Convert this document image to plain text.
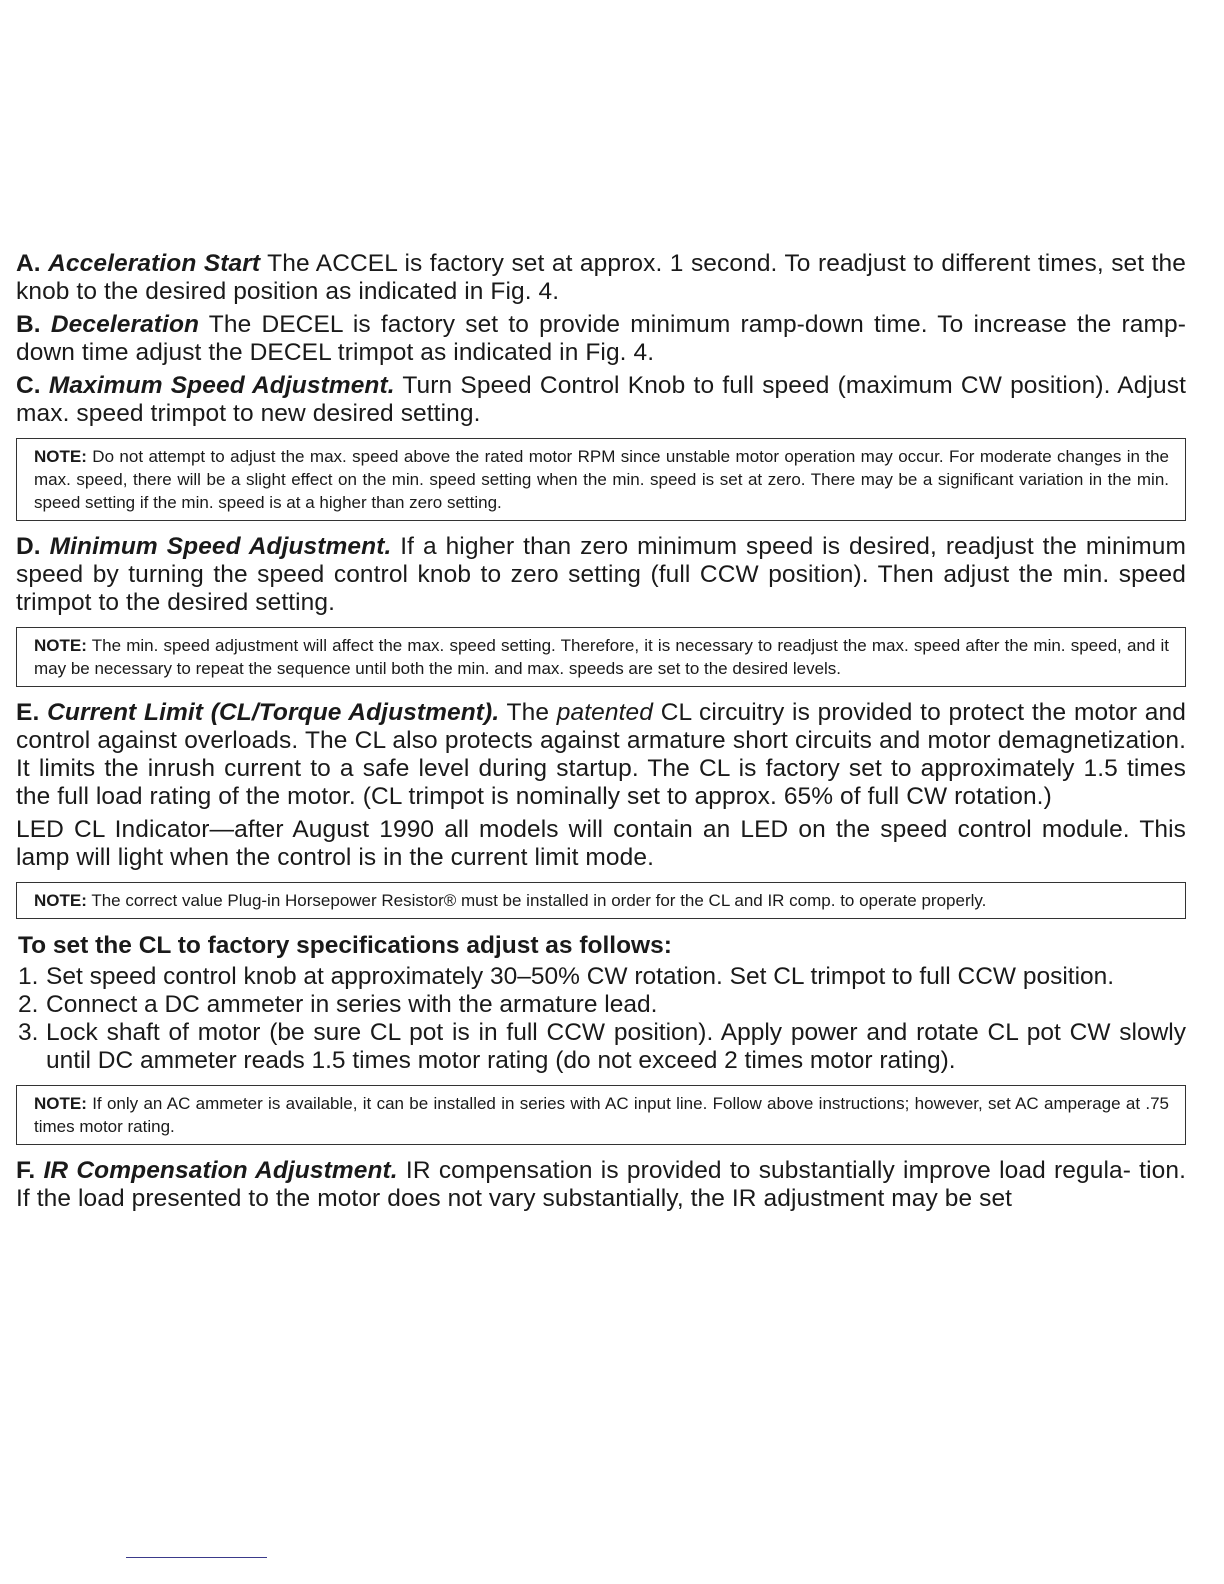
A. Acceleration Start The ACCEL is factory set at approx. 1 second. To readjust to different times, set the knob to the desired position as indicated in Fig. 4.

B. Deceleration The DECEL is factory set to provide minimum ramp-down time. To increase the ramp-down time adjust the DECEL trimpot as indicated in Fig. 4.

C. Maximum Speed Adjustment. Turn Speed Control Knob to full speed (maximum CW position). Adjust max. speed trimpot to new desired setting.

NOTE: Do not attempt to adjust the max. speed above the rated motor RPM since unstable motor operation may occur. For moderate changes in the max. speed, there will be a slight effect on the min. speed setting when the min. speed is set at zero. There may be a significant variation in the min. speed setting if the min. speed is at a higher than zero setting.

D. Minimum Speed Adjustment. If a higher than zero minimum speed is desired, readjust the minimum speed by turning the speed control knob to zero setting (full CCW position). Then adjust the min. speed trimpot to the desired setting.

NOTE: The min. speed adjustment will affect the max. speed setting. Therefore, it is necessary to readjust the max. speed after the min. speed, and it may be necessary to repeat the sequence until both the min. and max. speeds are set to the desired levels.

E. Current Limit (CL/Torque Adjustment). The patented CL circuitry is provided to protect the motor and control against overloads. The CL also protects against armature short circuits and motor demagnetization. It limits the inrush current to a safe level during startup. The CL is factory set to approximately 1.5 times the full load rating of the motor. (CL trimpot is nominally set to approx. 65% of full CW rotation.)

LED CL Indicator—after August 1990 all models will contain an LED on the speed control module. This lamp will light when the control is in the current limit mode.

NOTE: The correct value Plug-in Horsepower Resistor® must be installed in order for the CL and IR comp. to operate properly.
To set the CL to factory specifications adjust as follows:
1. Set speed control knob at approximately 30–50% CW rotation. Set CL trimpot to full CCW position.
2. Connect a DC ammeter in series with the armature lead.
3. Lock shaft of motor (be sure CL pot is in full CCW position). Apply power and rotate CL pot CW slowly until DC ammeter reads 1.5 times motor rating (do not exceed 2 times motor rating).
NOTE: If only an AC ammeter is available, it can be installed in series with AC input line. Follow above instructions; however, set AC amperage at .75 times motor rating.

F. IR Compensation Adjustment. IR compensation is provided to substantially improve load regula- tion. If the load presented to the motor does not vary substantially, the IR adjustment may be set
